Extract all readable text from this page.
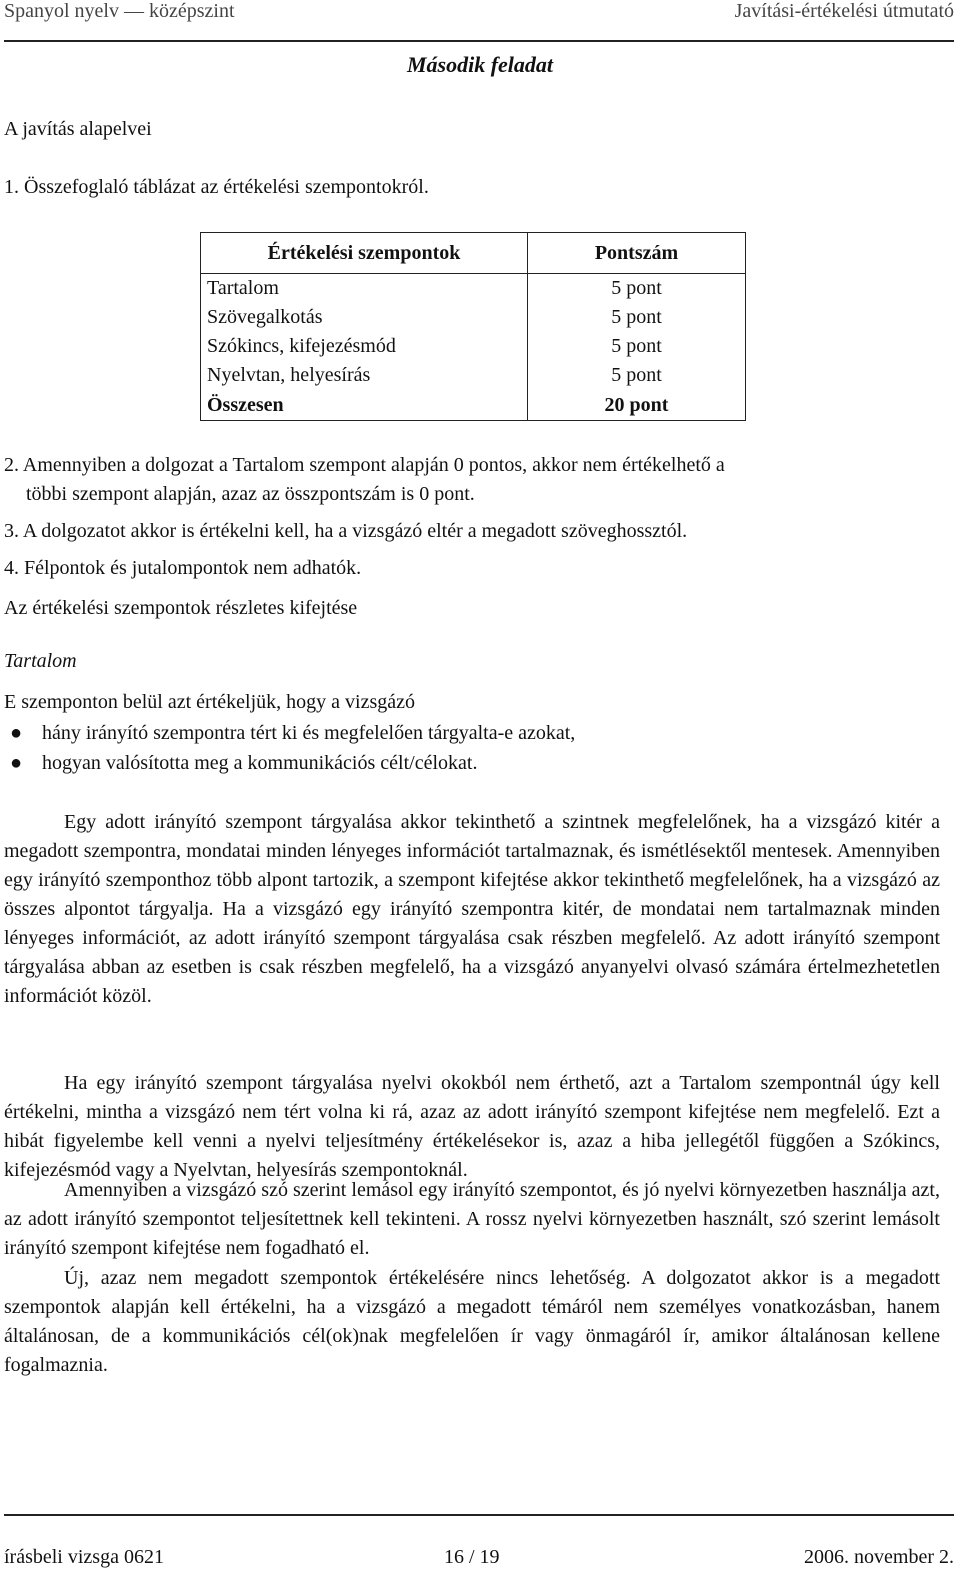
Spanyol nyelv — középszint	Javítási-értékelési útmutató
Második feladat
A javítás alapelvei
1. Összefoglaló táblázat az értékelési szempontokról.
Értékelési szempontok	Pontszám
Tartalom	5 pont
Szövegalkotás	5 pont
Szókincs, kifejezésmód	5 pont
Nyelvtan, helyesírás	5 pont
Összesen	20 pont
2. Amennyiben a dolgozat a Tartalom szempont alapján 0 pontos, akkor nem értékelhető a
többi szempont alapján, azaz az összpontszám is 0 pont.
3. A dolgozatot akkor is értékelni kell, ha a vizsgázó eltér a megadott szöveghossztól.
4. Félpontok és jutalompontok nem adhatók.
Az értékelési szempontok részletes kifejtése
Tartalom
E szemponton belül azt értékeljük, hogy a vizsgázó
● hány irányító szempontra tért ki és megfelelően tárgyalta-e azokat,
● hogyan valósította meg a kommunikációs célt/célokat.

Egy adott irányító szempont tárgyalása akkor tekinthető a szintnek megfelelőnek, ha a vizsgázó kitér a megadott szempontra, mondatai minden lényeges információt tartalmaznak, és ismétlésektől mentesek. Amennyiben egy irányító szemponthoz több alpont tartozik, a szempont kifejtése akkor tekinthető megfelelőnek, ha a vizsgázó az összes alpontot tárgyalja. Ha a vizsgázó egy irányító szempontra kitér, de mondatai nem tartalmaznak minden lényeges információt, az adott irányító szempont tárgyalása csak részben megfelelő. Az adott irányító szempont tárgyalása abban az esetben is csak részben megfelelő, ha a vizsgázó anyanyelvi olvasó számára értelmezhetetlen információt közöl.

Ha egy irányító szempont tárgyalása nyelvi okokból nem érthető, azt a Tartalom szempontnál úgy kell értékelni, mintha a vizsgázó nem tért volna ki rá, azaz az adott irányító szempont kifejtése nem megfelelő. Ezt a hibát figyelembe kell venni a nyelvi teljesítmény értékelésekor is, azaz a hiba jellegétől függően a Szókincs, kifejezésmód vagy a Nyelvtan, helyesírás szempontoknál.

Amennyiben a vizsgázó szó szerint lemásol egy irányító szempontot, és jó nyelvi környezetben használja azt, az adott irányító szempontot teljesítettnek kell tekinteni. A rossz nyelvi környezetben használt, szó szerint lemásolt irányító szempont kifejtése nem fogadható el.

Új, azaz nem megadott szempontok értékelésére nincs lehetőség. A dolgozatot akkor is a megadott szempontok alapján kell értékelni, ha a vizsgázó a megadott témáról nem személyes vonatkozásban, hanem általánosan, de a kommunikációs cél(ok)nak megfelelően ír vagy önmagáról ír, amikor általánosan kellene fogalmaznia.

írásbeli vizsga 0621	16 / 19	2006. november 2.
